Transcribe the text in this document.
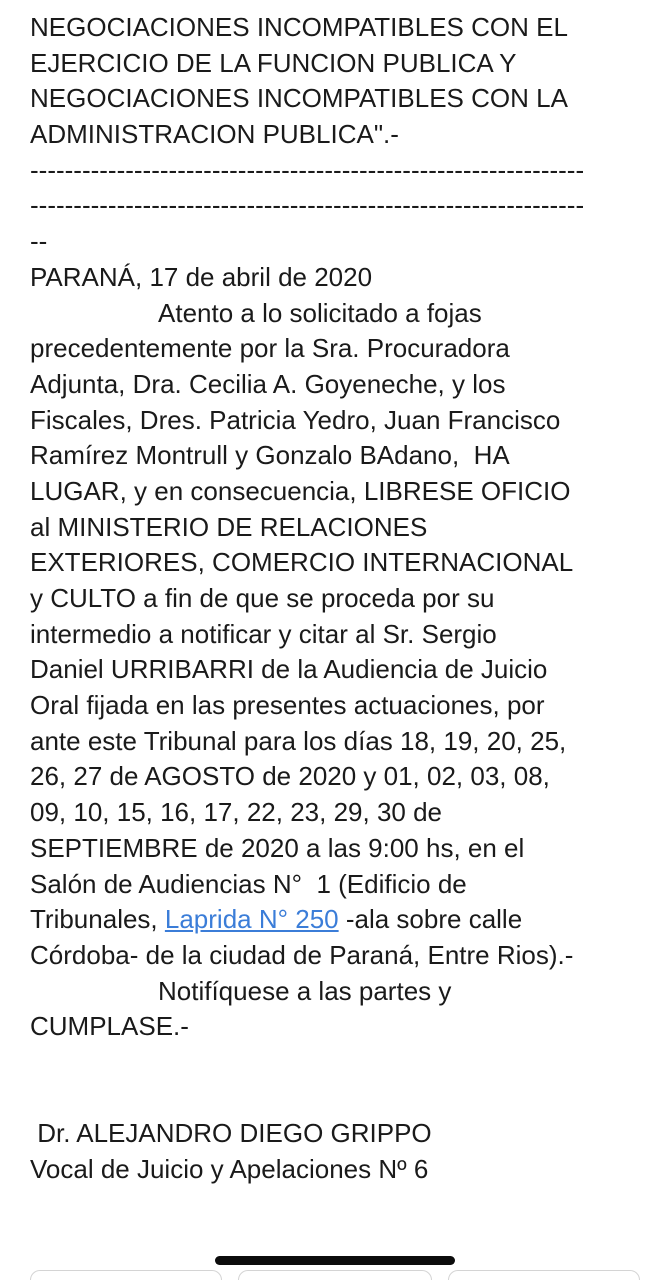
NEGOCIACIONES INCOMPATIBLES CON EL
EJERCICIO DE LA FUNCION PUBLICA Y
NEGOCIACIONES INCOMPATIBLES CON LA
ADMINISTRACION PUBLICA".-
----------------------------------------------------------------
----------------------------------------------------------------
--
PARANÁ, 17 de abril de 2020
Atento a lo solicitado a fojas
precedentemente por la Sra. Procuradora
Adjunta, Dra. Cecilia A. Goyeneche, y los
Fiscales, Dres. Patricia Yedro, Juan Francisco
Ramírez Montrull y Gonzalo BAdano,  HA
LUGAR, y en consecuencia, LIBRESE OFICIO
al MINISTERIO DE RELACIONES
EXTERIORES, COMERCIO INTERNACIONAL
y CULTO a fin de que se proceda por su
intermedio a notificar y citar al Sr. Sergio
Daniel URRIBARRI de la Audiencia de Juicio
Oral fijada en las presentes actuaciones, por
ante este Tribunal para los días 18, 19, 20, 25,
26, 27 de AGOSTO de 2020 y 01, 02, 03, 08,
09, 10, 15, 16, 17, 22, 23, 29, 30 de
SEPTIEMBRE de 2020 a las 9:00 hs, en el
Salón de Audiencias N°  1 (Edificio de
Tribunales, Laprida N° 250 -ala sobre calle
Córdoba- de la ciudad de Paraná, Entre Rios).-
Notifíquese a las partes y
CUMPLASE.-
Dr. ALEJANDRO DIEGO GRIPPO
Vocal de Juicio y Apelaciones Nº 6
